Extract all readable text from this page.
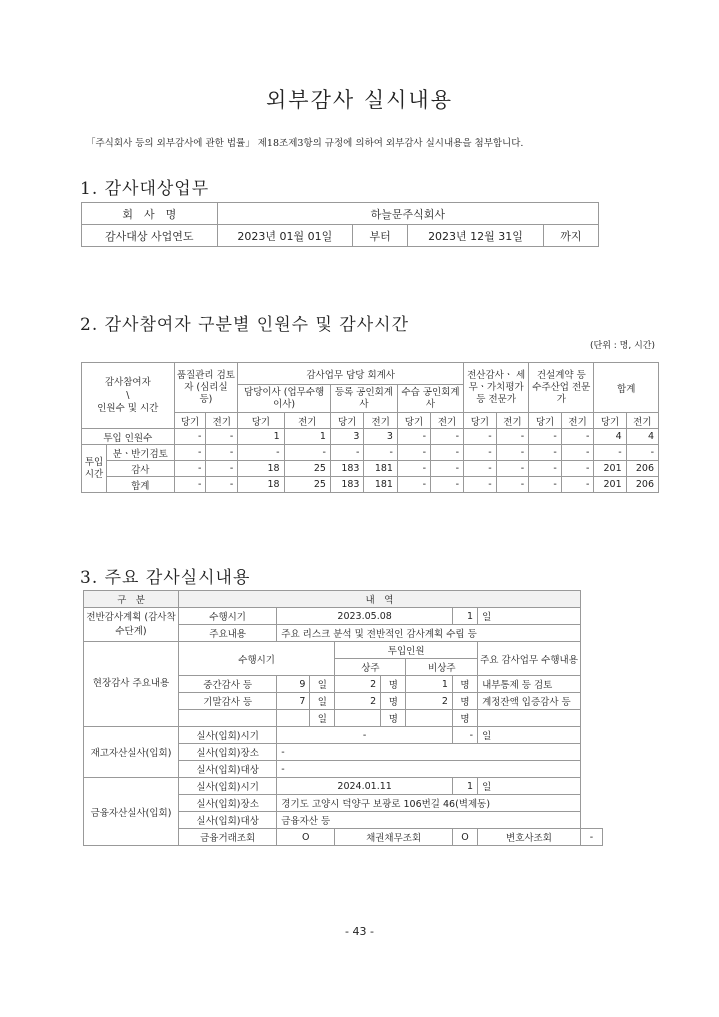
외부감사 실시내용
「주식회사 등의 외부감사에 관한 법률」 제18조제3항의 규정에 의하여 외부감사 실시내용을 첨부합니다.
1. 감사대상업무
회　사　명	하늘문주식회사			
감사대상 사업연도	2023년 01월 01일	부터	2023년 12월 31일	까지
2. 감사참여자 구분별 인원수 및 감사시간
(단위 : 명, 시간)
감사참여자
\
인원수 및 시간		품질관리 검토자 (심리실 등)		감사업무 담당 회계사						전산감사ㆍ 세무ㆍ가치평가 등 전문가		건설계약 등 수주산업 전문가		합계	
				담당이사 (업무수행이사)		등록 공인회계사		수습 공인회계사							
		당기	전기	당기	전기	당기	전기	당기	전기	당기	전기	당기	전기	당기	전기
투입 인원수		-	-	1	1	3	3	-	-	-	-	-	-	4	4
투입 시간	분ㆍ반기검토	-	-	-	-	-	-	-	-	-	-	-	-	-	-
	감사	-	-	18	25	183	181	-	-	-	-	-	-	201	206
	합계	-	-	18	25	183	181	-	-	-	-	-	-	201	206
3. 주요 감사실시내용
구　분	내　역								
전반감사계획 (감사착수단계)	수행시기	2023.05.08					1	일	
	주요내용	주요 리스크 분석 및 전반적인 감사계획 수립 등							
현장감사 주요내용	수행시기			투입인원				주요 감사업무 수행내용	
				상주		비상주			
	중간감사 등	9	일	2	명	1	명	내부통제 등 검토	
	기말감사 등	7	일	2	명	2	명	계정잔액 입증감사 등	
			일		명		명		
재고자산실사(입회)	실사(입회)시기	-					-	일	
	실사(입회)장소	-							
	실사(입회)대상	-							
금융자산실사(입회)	실사(입회)시기	2024.01.11					1	일	
	실사(입회)장소	경기도 고양시 덕양구 보광로 106번길 46(벽제동)							
	실사(입회)대상	금융자산 등							
	금융거래조회	O		채권채무조회			O	변호사조회	-
- 43 -
